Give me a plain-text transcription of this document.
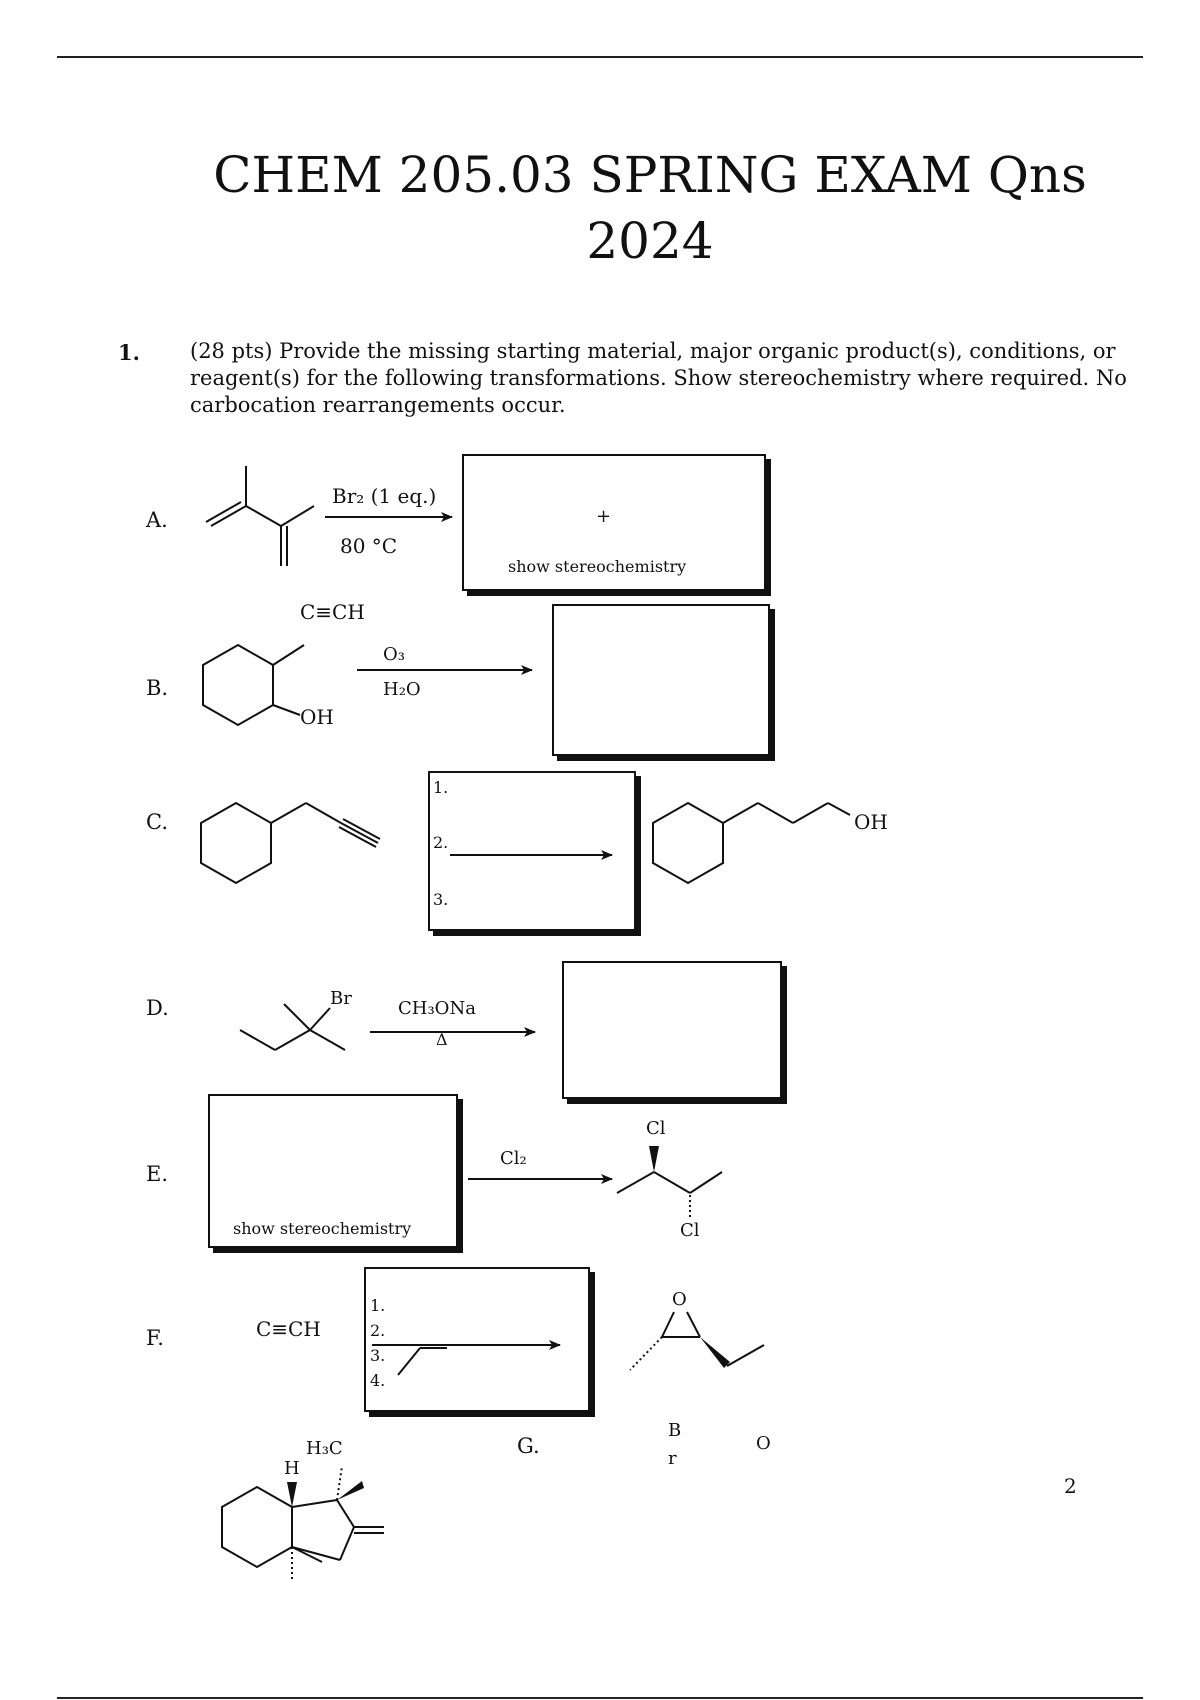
CHEM 205.03 SPRING EXAM Qns
2024
1. (28 pts) Provide the missing starting material, major organic product(s), conditions, or reagent(s) for the following transformations. Show stereochemistry where required. No carbocation rearrangements occur.
A.
B.
C.
D.
E.
F.
G.
Br₂ (1 eq.)
80 °C
+
show stereochemistry
C≡CH
OH
O₃
H₂O
1.
2.
3.
OH
Br	CH₃ONa
Δ
show stereochemistry
Cl₂
Cl
Cl
C≡CH
1.
2.
3.
4.
O
H
H₃C
B
r
O
2
